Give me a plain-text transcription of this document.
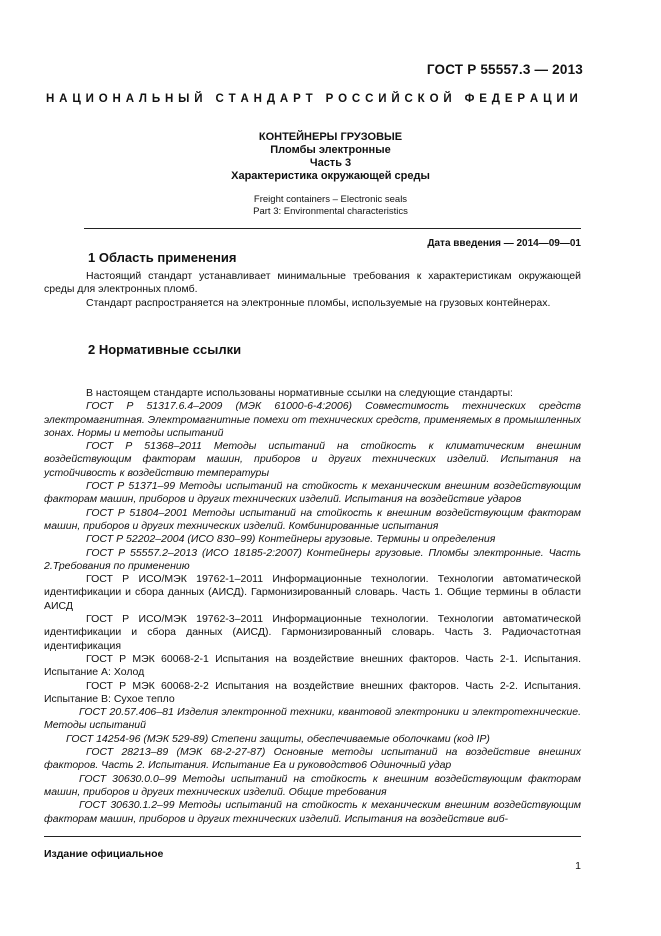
ГОСТ Р 55557.3 — 2013
Н А Ц И О Н А Л Ь Н Ы Й
С Т А Н Д А Р Т
Р О С С И Й С К О Й
Ф Е Д Е Р А Ц И И
КОНТЕЙНЕРЫ ГРУЗОВЫЕ
Пломбы электронные
Часть 3
Характеристика окружающей среды
Freight containers – Electronic seals
Part 3: Environmental characteristics
Дата введения — 2014—09—01
1 Область применения

Настоящий стандарт устанавливает минимальные требования к характеристикам окружающей среды для электронных пломб.

Стандарт распространяется на электронные пломбы, используемые на грузовых контейнерах.

2 Нормативные ссылки

В настоящем стандарте использованы нормативные ссылки на следующие стандарты:

ГОСТ Р 51317.6.4–2009 (МЭК 61000-6-4:2006) Совместимость технических средств электромагнитная. Электромагнитные помехи от технических средств, применяемых в промышленных зонах. Нормы и методы испытаний

ГОСТ Р 51368–2011 Методы испытаний на стойкость к климатическим внешним воздействующим факторам машин, приборов и других технических изделий. Испытания на устойчивость к воздействию температуры

ГОСТ Р 51371–99 Методы испытаний на стойкость к механическим внешним воздействующим факторам машин, приборов и других технических изделий. Испытания на воздействие ударов

ГОСТ Р 51804–2001 Методы испытаний на стойкость к внешним воздействующим факторам машин, приборов и других технических изделий. Комбинированные испытания

ГОСТ Р 52202–2004 (ИСО 830–99) Контейнеры грузовые. Термины и определения

ГОСТ Р 55557.2–2013 (ИСО 18185-2:2007) Контейнеры грузовые. Пломбы электронные. Часть 2.Требования по применению

ГОСТ Р ИСО/МЭК 19762-1–2011 Информационные технологии. Технологии автоматической идентификации и сбора данных (АИСД). Гармонизированный словарь. Часть 1. Общие термины в области АИСД

ГОСТ Р ИСО/МЭК 19762-3–2011 Информационные технологии. Технологии автоматической идентификации и сбора данных (АИСД). Гармонизированный словарь. Часть 3. Радиочастотная идентификация

ГОСТ Р МЭК 60068-2-1 Испытания на воздействие внешних факторов. Часть 2-1. Испытания. Испытание А: Холод

ГОСТ Р МЭК 60068-2-2 Испытания на воздействие внешних факторов. Часть 2-2. Испытания. Испытание В: Сухое тепло

ГОСТ 20.57.406–81 Изделия электронной техники, квантовой электроники и электротехнические. Методы испытаний

ГОСТ 14254-96 (МЭК 529-89) Степени защиты, обеспечиваемые оболочками (код IP)

ГОСТ 28213–89 (МЭК 68-2-27-87) Основные методы испытаний на воздействие внешних факторов. Часть 2. Испытания. Испытание Еа и руководство6 Одиночный удар

ГОСТ 30630.0.0–99 Методы испытаний на стойкость к внешним воздействующим факторам машин, приборов и других технических изделий. Общие требования

ГОСТ 30630.1.2–99 Методы испытаний на стойкость к механическим внешним воздействующим факторам машин, приборов и других технических изделий. Испытания на воздействие виб-

Издание официальное
1
